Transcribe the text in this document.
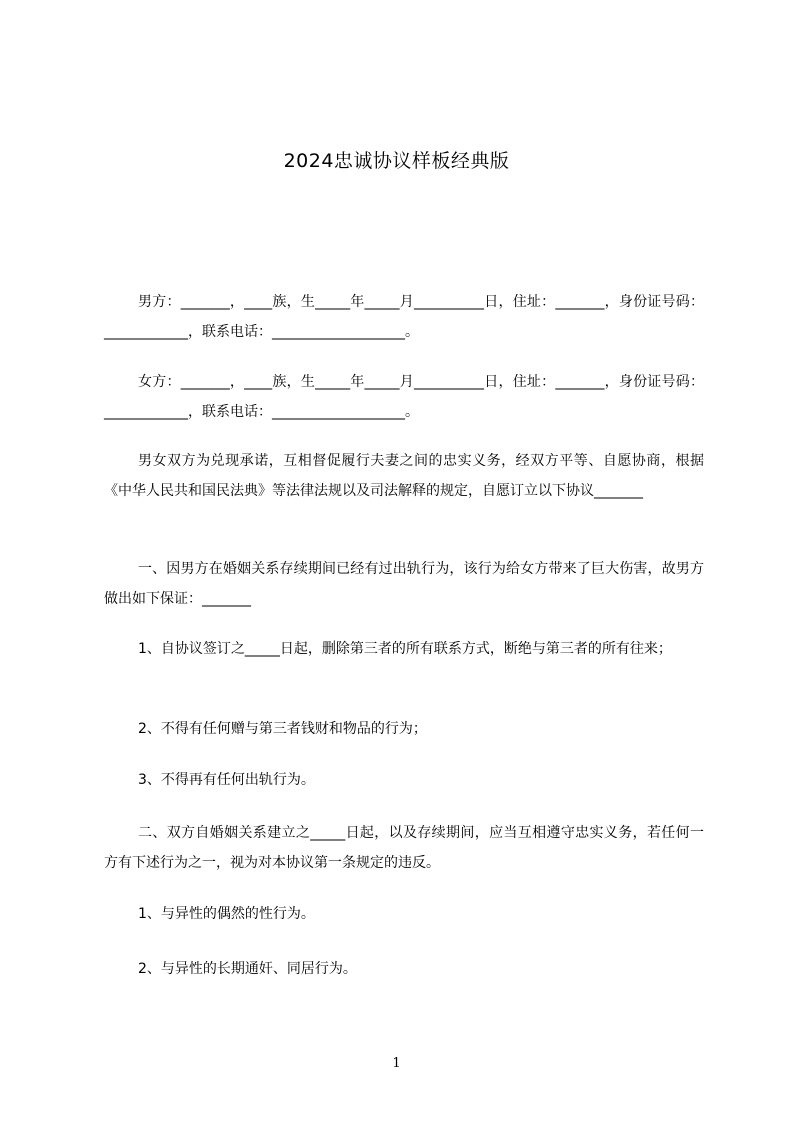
2024忠诚协议样板经典版
男方：_______，____族，生_____年_____月__________日，住址：_______，身份证号码：____________，联系电话：___________________。
女方：_______，____族，生_____年_____月__________日，住址：_______，身份证号码：____________，联系电话：___________________。
男女双方为兑现承诺，互相督促履行夫妻之间的忠实义务，经双方平等、自愿协商，根据《中华人民共和国民法典》等法律法规以及司法解释的规定，自愿订立以下协议_______
一、因男方在婚姻关系存续期间已经有过出轨行为，该行为给女方带来了巨大伤害，故男方做出如下保证：_______
1、自协议签订之_____日起，删除第三者的所有联系方式，断绝与第三者的所有往来；
2、不得有任何赠与第三者钱财和物品的行为；
3、不得再有任何出轨行为。
二、双方自婚姻关系建立之_____日起，以及存续期间，应当互相遵守忠实义务，若任何一方有下述行为之一，视为对本协议第一条规定的违反。
1、与异性的偶然的性行为。
2、与异性的长期通奸、同居行为。
1
